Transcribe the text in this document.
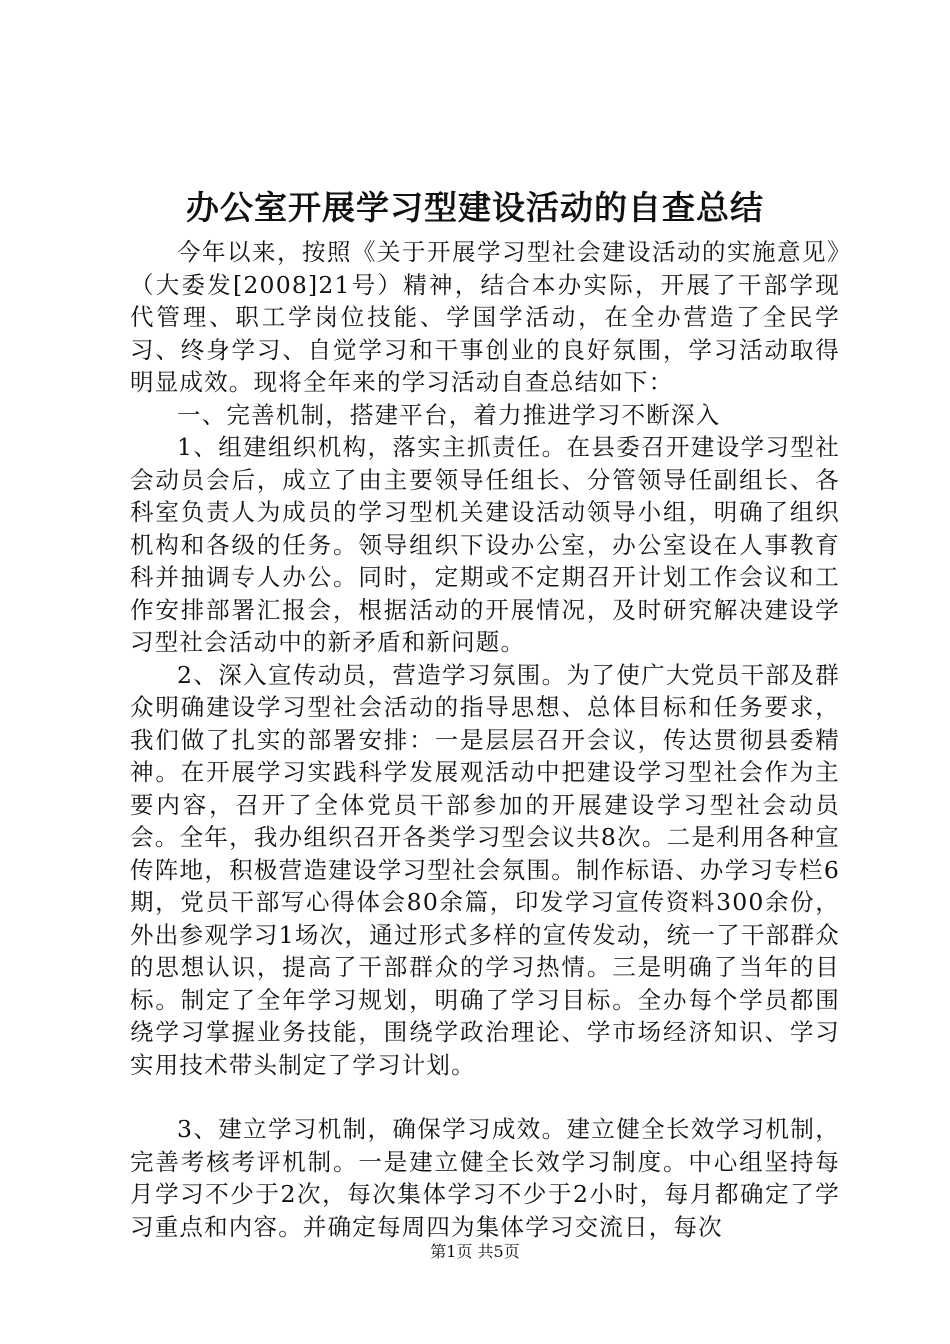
办公室开展学习型建设活动的自查总结

今年以来，按照《关于开展学习型社会建设活动的实施意见》（大委发[2008]21号）精神，结合本办实际，开展了干部学现代管理、职工学岗位技能、学国学活动，在全办营造了全民学习、终身学习、自觉学习和干事创业的良好氛围，学习活动取得明显成效。现将全年来的学习活动自查总结如下：

一、完善机制，搭建平台，着力推进学习不断深入

1、组建组织机构，落实主抓责任。在县委召开建设学习型社会动员会后，成立了由主要领导任组长、分管领导任副组长、各科室负责人为成员的学习型机关建设活动领导小组，明确了组织机构和各级的任务。领导组织下设办公室，办公室设在人事教育科并抽调专人办公。同时，定期或不定期召开计划工作会议和工作安排部署汇报会，根据活动的开展情况，及时研究解决建设学习型社会活动中的新矛盾和新问题。

2、深入宣传动员，营造学习氛围。为了使广大党员干部及群众明确建设学习型社会活动的指导思想、总体目标和任务要求，我们做了扎实的部署安排：一是层层召开会议，传达贯彻县委精神。在开展学习实践科学发展观活动中把建设学习型社会作为主要内容，召开了全体党员干部参加的开展建设学习型社会动员会。全年，我办组织召开各类学习型会议共8次。二是利用各种宣传阵地，积极营造建设学习型社会氛围。制作标语、办学习专栏6期，党员干部写心得体会80余篇，印发学习宣传资料300余份，外出参观学习1场次，通过形式多样的宣传发动，统一了干部群众的思想认识，提高了干部群众的学习热情。三是明确了当年的目标。制定了全年学习规划，明确了学习目标。全办每个学员都围绕学习掌握业务技能，围绕学政治理论、学市场经济知识、学习实用技术带头制定了学习计划。

3、建立学习机制，确保学习成效。建立健全长效学习机制，完善考核考评机制。一是建立健全长效学习制度。中心组坚持每月学习不少于2次，每次集体学习不少于2小时，每月都确定了学习重点和内容。并确定每周四为集体学习交流日，每次

第1页 共5页
